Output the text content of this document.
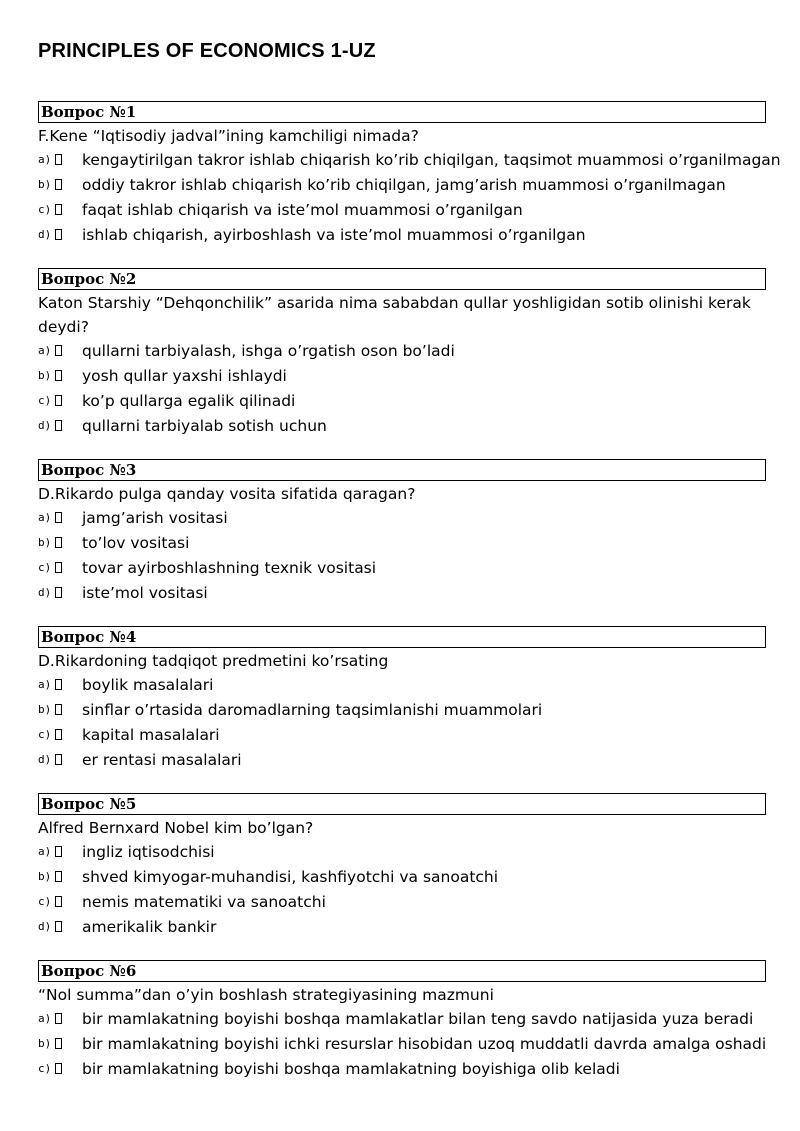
PRINCIPLES OF ECONOMICS 1-UZ
Вопрос №1
F.Kene “Iqtisodiy jadval”ining kamchiligi nimada?
a) kengaytirilgan takror ishlab chiqarish ko’rib chiqilgan, taqsimot muammosi o’rganilmagan
b) oddiy takror ishlab chiqarish ko’rib chiqilgan, jamg’arish muammosi o’rganilmagan
c) faqat ishlab chiqarish va iste’mol muammosi o’rganilgan
d) ishlab chiqarish, ayirboshlash va iste’mol muammosi o’rganilgan
Вопрос №2
Katon Starshiy “Dehqonchilik” asarida nima sababdan qullar yoshligidan sotib olinishi kerak deydi?
a) qullarni tarbiyalash, ishga o’rgatish oson bo’ladi
b) yosh qullar yaxshi ishlaydi
c) ko’p qullarga egalik qilinadi
d) qullarni tarbiyalab sotish uchun
Вопрос №3
D.Rikardo pulga qanday vosita sifatida qaragan?
a) jamg’arish vositasi
b) to’lov vositasi
c) tovar ayirboshlashning texnik vositasi
d) iste’mol vositasi
Вопрос №4
D.Rikardoning tadqiqot predmetini ko’rsating
a) boylik masalalari
b) sinflar o’rtasida daromadlarning taqsimlanishi muammolari
c) kapital masalalari
d) er rentasi masalalari
Вопрос №5
Alfred Bernxard Nobel kim bo’lgan?
a) ingliz iqtisodchisi
b) shved kimyogar-muhandisi, kashfiyotchi va sanoatchi
c) nemis matematiki va sanoatchi
d) amerikalik bankir
Вопрос №6
“Nol summa”dan o’yin boshlash strategiyasining mazmuni
a) bir mamlakatning boyishi boshqa mamlakatlar bilan teng savdo natijasida yuza beradi
b) bir mamlakatning boyishi ichki resurslar hisobidan uzoq muddatli davrda amalga oshadi
c) bir mamlakatning boyishi boshqa mamlakatning boyishiga olib keladi
